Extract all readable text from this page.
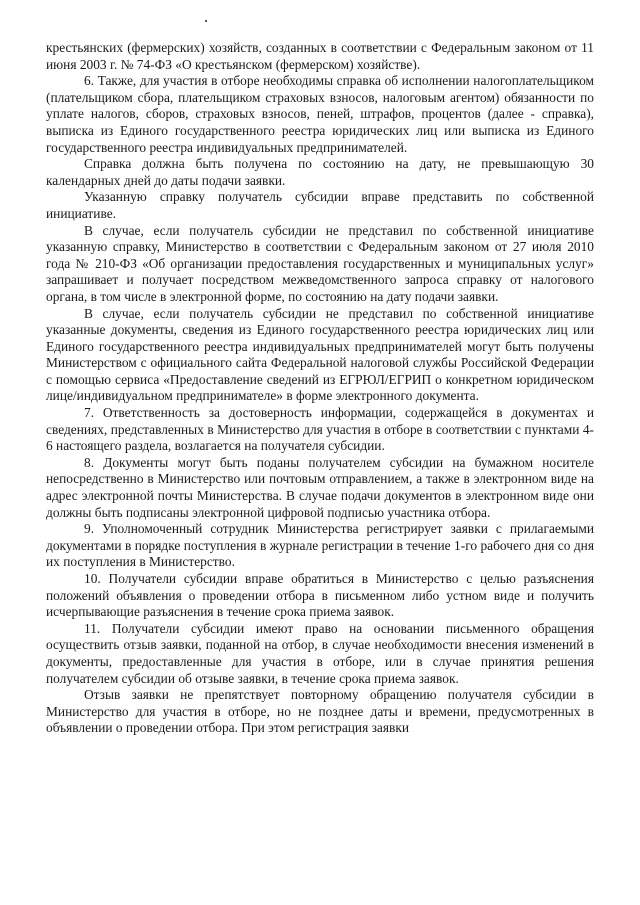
крестьянских (фермерских) хозяйств, созданных в соответствии с Федеральным законом от 11 июня 2003 г. № 74-ФЗ «О крестьянском (фермерском) хозяйстве).

6. Также, для участия в отборе необходимы справка об исполнении налогоплательщиком (плательщиком сбора, плательщиком страховых взносов, налоговым агентом) обязанности по уплате налогов, сборов, страховых взносов, пеней, штрафов, процентов (далее - справка), выписка из Единого государственного реестра юридических лиц или выписка из Единого государственного реестра индивидуальных предпринимателей.

Справка должна быть получена по состоянию на дату, не превышающую 30 календарных дней до даты подачи заявки.

Указанную справку получатель субсидии вправе представить по собственной инициативе.

В случае, если получатель субсидии не представил по собственной инициативе указанную справку, Министерство в соответствии с Федеральным законом от 27 июля 2010 года № 210-ФЗ «Об организации предоставления государственных и муниципальных услуг» запрашивает и получает посредством межведомственного запроса справку от налогового органа, в том числе в электронной форме, по состоянию на дату подачи заявки.

В случае, если получатель субсидии не представил по собственной инициативе указанные документы, сведения из Единого государственного реестра юридических лиц или Единого государственного реестра индивидуальных предпринимателей могут быть получены Министерством с официального сайта Федеральной налоговой службы Российской Федерации с помощью сервиса «Предоставление сведений из ЕГРЮЛ/ЕГРИП о конкретном юридическом лице/индивидуальном предпринимателе» в форме электронного документа.

7. Ответственность за достоверность информации, содержащейся в документах и сведениях, представленных в Министерство для участия в отборе в соответствии с пунктами 4-6 настоящего раздела, возлагается на получателя субсидии.

8. Документы могут быть поданы получателем субсидии на бумажном носителе непосредственно в Министерство или почтовым отправлением, а также в электронном виде на адрес электронной почты Министерства. В случае подачи документов в электронном виде они должны быть подписаны электронной цифровой подписью участника отбора.

9. Уполномоченный сотрудник Министерства регистрирует заявки с прилагаемыми документами в порядке поступления в журнале регистрации в течение 1-го рабочего дня со дня их поступления в Министерство.

10. Получатели субсидии вправе обратиться в Министерство с целью разъяснения положений объявления о проведении отбора в письменном либо устном виде и получить исчерпывающие разъяснения в течение срока приема заявок.

11. Получатели субсидии имеют право на основании письменного обращения осуществить отзыв заявки, поданной на отбор, в случае необходимости внесения изменений в документы, предоставленные для участия в отборе, или в случае принятия решения получателем субсидии об отзыве заявки, в течение срока приема заявок.

Отзыв заявки не препятствует повторному обращению получателя субсидии в Министерство для участия в отборе, но не позднее даты и времени, предусмотренных в объявлении о проведении отбора. При этом регистрация заявки
